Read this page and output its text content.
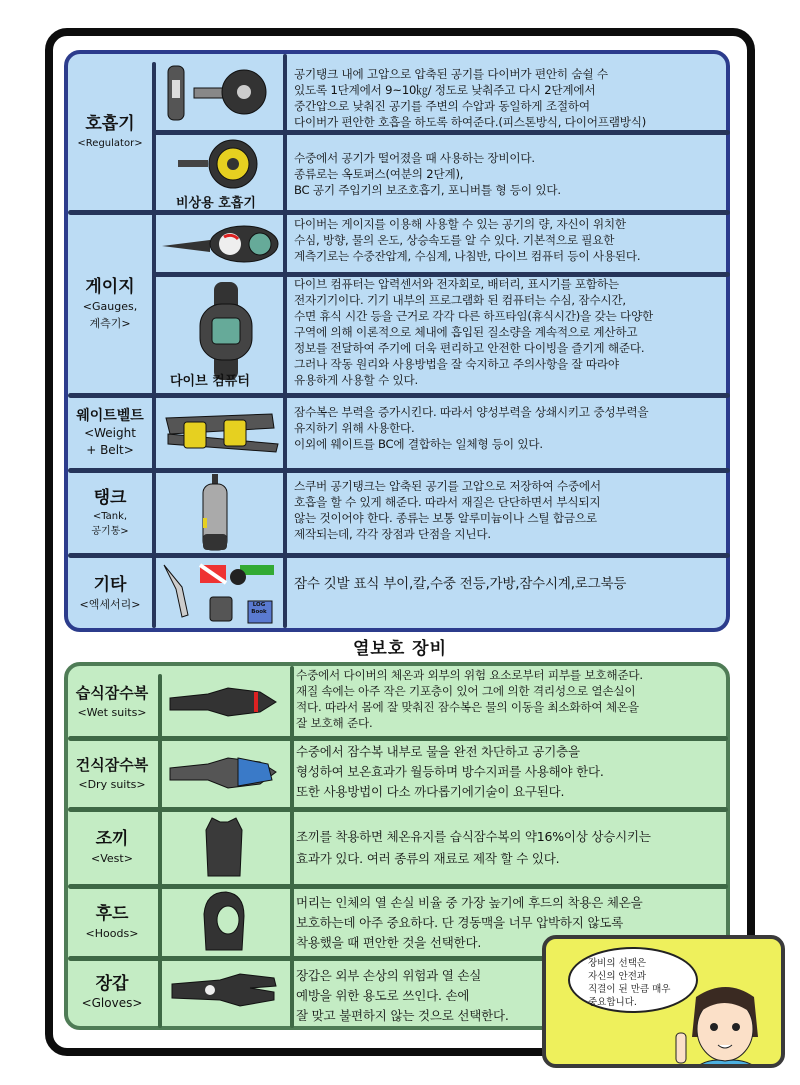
호흡기
<Regulator>
비상용 호흡기
공기탱크 내에 고압으로 압축된 공기를 다이버가 편안히 숨쉴 수
있도록 1단계에서 9~10㎏/ 정도로 낮춰주고 다시 2단계에서
중간압으로 낮춰진 공기를 주변의 수압과 동일하게 조절하여
다이버가 편안한 호흡을 하도록 하여준다.(피스톤방식, 다이어프램방식)
수중에서 공기가 떨어졌을 때 사용하는 장비이다.
종류로는 옥토퍼스(여분의 2단계),
BC 공기 주입기의 보조호흡기, 포니버틀 형 등이 있다.
게이지
<Gauges,
계측기>
다이브 컴퓨터
다이버는 게이지를 이용해 사용할 수 있는 공기의 량, 자신이 위치한
수심, 방향, 물의 온도, 상승속도를 알 수 있다. 기본적으로 필요한
계측기로는 수중잔압계, 수심계, 나침반, 다이브 컴퓨터 등이 사용된다.
다이브 컴퓨터는 압력센서와 전자회로, 배터리, 표시기를 포함하는
전자기기이다. 기기 내부의 프로그램화 된 컴퓨터는 수심, 잠수시간,
수면 휴식 시간 등을 근거로 각각 다른 하프타임(휴식시간)을 갖는 다양한
구역에 의해 이론적으로 체내에 흡입된 질소량을 계속적으로 계산하고
정보를 전달하여 주기에 더욱 편리하고 안전한 다이빙을 즐기게 해준다.
그러나 작동 원리와 사용방법을 잘 숙지하고 주의사항을 잘 따라야
유용하게 사용할 수 있다.
웨이트벨트
<Weight
+ Belt>
잠수복은 부력을 증가시킨다. 따라서 양성부력을 상쇄시키고 중성부력을
유지하기 위해 사용한다.
이외에 웨이트를 BC에 결합하는 일체형 등이 있다.
탱크
<Tank,
공기통>
스쿠버 공기탱크는 압축된 공기를 고압으로 저장하여 수중에서
호흡을 할 수 있게 해준다. 따라서 재질은 단단하면서 부식되지
않는 것이어야 한다. 종류는 보통 알루미늄이나 스틸 합금으로
제작되는데, 각각 장점과 단점을 지닌다.
기타
<엑세서리>	LOG Book
잠수 깃발 표식 부이,칼,수중 전등,가방,잠수시계,로그북등
열보호 장비
습식잠수복
<Wet suits>
건식잠수복
<Dry suits>
조끼
<Vest>
후드
<Hoods>
장갑
<Gloves>
수중에서 다이버의 체온과 외부의 위험 요소로부터 피부를 보호해준다.
재질 속에는 아주 작은 기포층이 있어 그에 의한 격리성으로 열손실이
적다. 따라서 몸에 잘 맞춰진 잠수복은 물의 이동을 최소화하여 체온을
잘 보호해 준다.
수중에서 잠수복 내부로 물을 완전 차단하고 공기층을
형성하여 보온효과가 월등하며 방수지퍼를 사용해야 한다.
또한 사용방법이 다소 까다롭기에기술이 요구된다.
조끼를 착용하면 체온유지를 습식잠수복의 약16%이상 상승시키는
효과가 있다. 여러 종류의 재료로 제작 할 수 있다.
머리는 인체의 열 손실 비율 중 가장 높기에 후드의 착용은 체온을
보호하는데 아주 중요하다. 단 경동맥을 너무 압박하지 않도록
착용했을 때 편안한 것을 선택한다.
장갑은 외부 손상의 위험과 열 손실
예방을 위한 용도로 쓰인다. 손에
잘 맞고 불편하지 않는 것으로 선택한다.
장비의 선택은
자신의 안전과
직결이 된 만큼 매우
중요합니다.
